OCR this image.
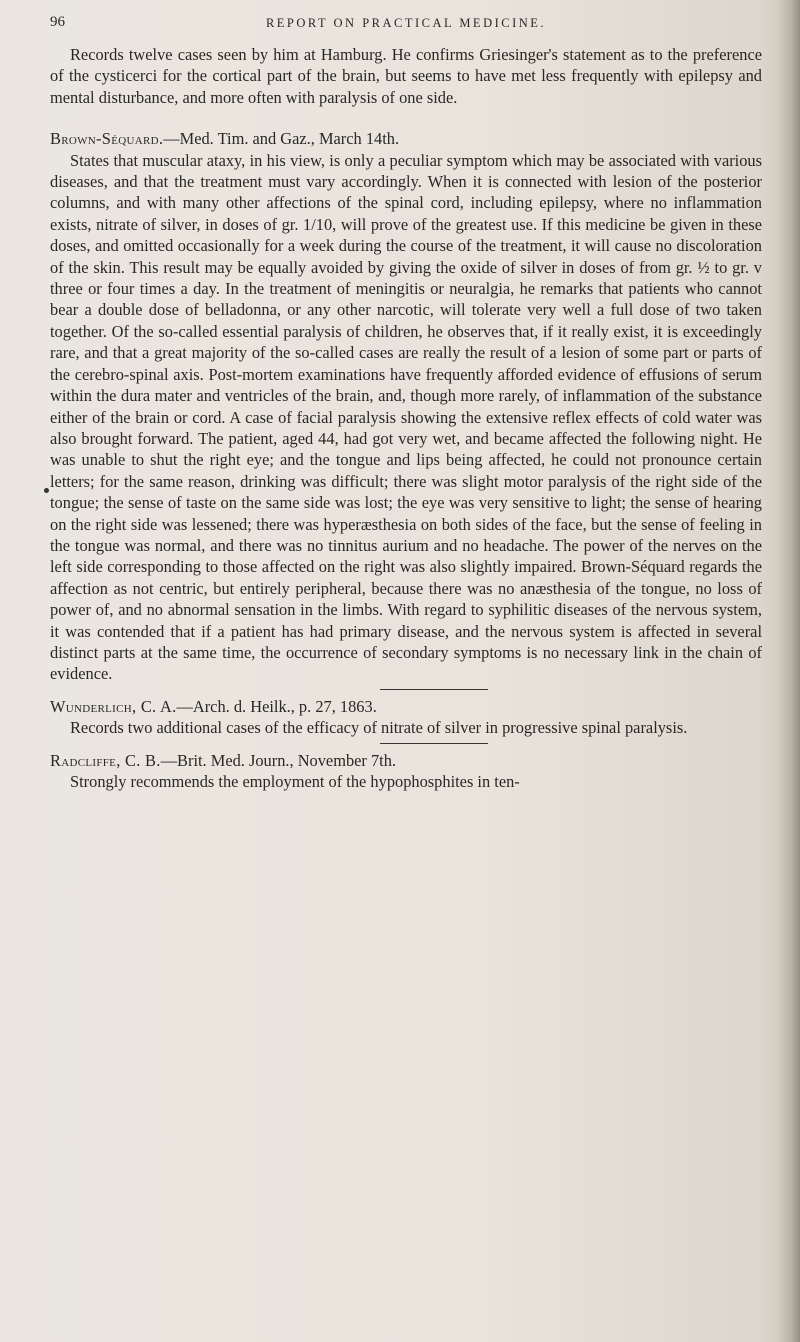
96	REPORT ON PRACTICAL MEDICINE.

Records twelve cases seen by him at Hamburg. He confirms Griesinger's statement as to the preference of the cysticerci for the cortical part of the brain, but seems to have met less frequently with epilepsy and mental disturbance, and more often with paralysis of one side.

Brown-Séquard.—Med. Tim. and Gaz., March 14th.

States that muscular ataxy, in his view, is only a peculiar symptom which may be associated with various diseases, and that the treatment must vary accordingly. When it is connected with lesion of the posterior columns, and with many other affections of the spinal cord, including epilepsy, where no inflammation exists, nitrate of silver, in doses of gr. 1/10, will prove of the greatest use. If this medicine be given in these doses, and omitted occasionally for a week during the course of the treatment, it will cause no discoloration of the skin. This result may be equally avoided by giving the oxide of silver in doses of from gr. ½ to gr. v three or four times a day. In the treatment of meningitis or neuralgia, he remarks that patients who cannot bear a double dose of belladonna, or any other narcotic, will tolerate very well a full dose of two taken together. Of the so-called essential paralysis of children, he observes that, if it really exist, it is exceedingly rare, and that a great majority of the so-called cases are really the result of a lesion of some part or parts of the cerebro-spinal axis. Post-mortem examinations have frequently afforded evidence of effusions of serum within the dura mater and ventricles of the brain, and, though more rarely, of inflammation of the substance either of the brain or cord. A case of facial paralysis showing the extensive reflex effects of cold water was also brought forward. The patient, aged 44, had got very wet, and became affected the following night. He was unable to shut the right eye; and the tongue and lips being affected, he could not pronounce certain letters; for the same reason, drinking was difficult; there was slight motor paralysis of the right side of the tongue; the sense of taste on the same side was lost; the eye was very sensitive to light; the sense of hearing on the right side was lessened; there was hyperæsthesia on both sides of the face, but the sense of feeling in the tongue was normal, and there was no tinnitus aurium and no headache. The power of the nerves on the left side corresponding to those affected on the right was also slightly impaired. Brown-Séquard regards the affection as not centric, but entirely peripheral, because there was no anæsthesia of the tongue, no loss of power of, and no abnormal sensation in the limbs. With regard to syphilitic diseases of the nervous system, it was contended that if a patient has had primary disease, and the nervous system is affected in several distinct parts at the same time, the occurrence of secondary symptoms is no necessary link in the chain of evidence.

Wunderlich, C. A.—Arch. d. Heilk., p. 27, 1863.

Records two additional cases of the efficacy of nitrate of silver in progressive spinal paralysis.

Radcliffe, C. B.—Brit. Med. Journ., November 7th.

Strongly recommends the employment of the hypophosphites in ten-
